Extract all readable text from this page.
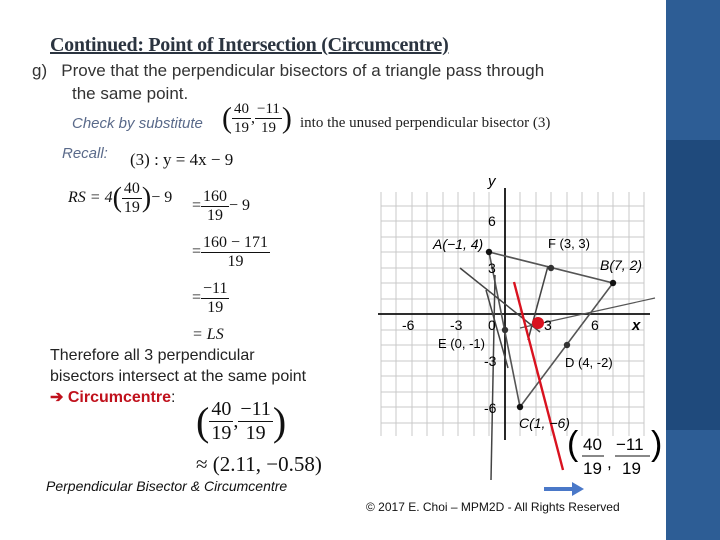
Continued: Point of Intersection (Circumcentre)
g) Prove that the perpendicular bisectors of a triangle pass through
the same point.
Check by substitute ( $\frac{40}{19}$ , $\frac{-11}{19}$ ) into the unused perpendicular bisector (3)
Recall: (3) : y = 4x − 9
RS = $4( \frac{40}{19}$ )− $9 = \frac{160}{19} - 9$
= $\frac{160 - 171}{19}$
= $\frac{-11}{19}$
= LS
Therefore all 3 perpendicular bisectors intersect at the same point
➔ Circumcentre:
( $\frac{40}{19}$ , $\frac{-11}{19}$ )
≈ (2.11, −0.58)
y
x
-6	-3 0	3	6
6
3
-3
-6
A(−1, 4)
B(7, 2)
C(1, −6)
F (3, 3)
E (0, -1)
D (4, -2)
( 40
19 ,
−11
19
)
Perpendicular Bisector & Circumcentre
© 2017 E. Choi – MPM2D - All Rights Reserved
